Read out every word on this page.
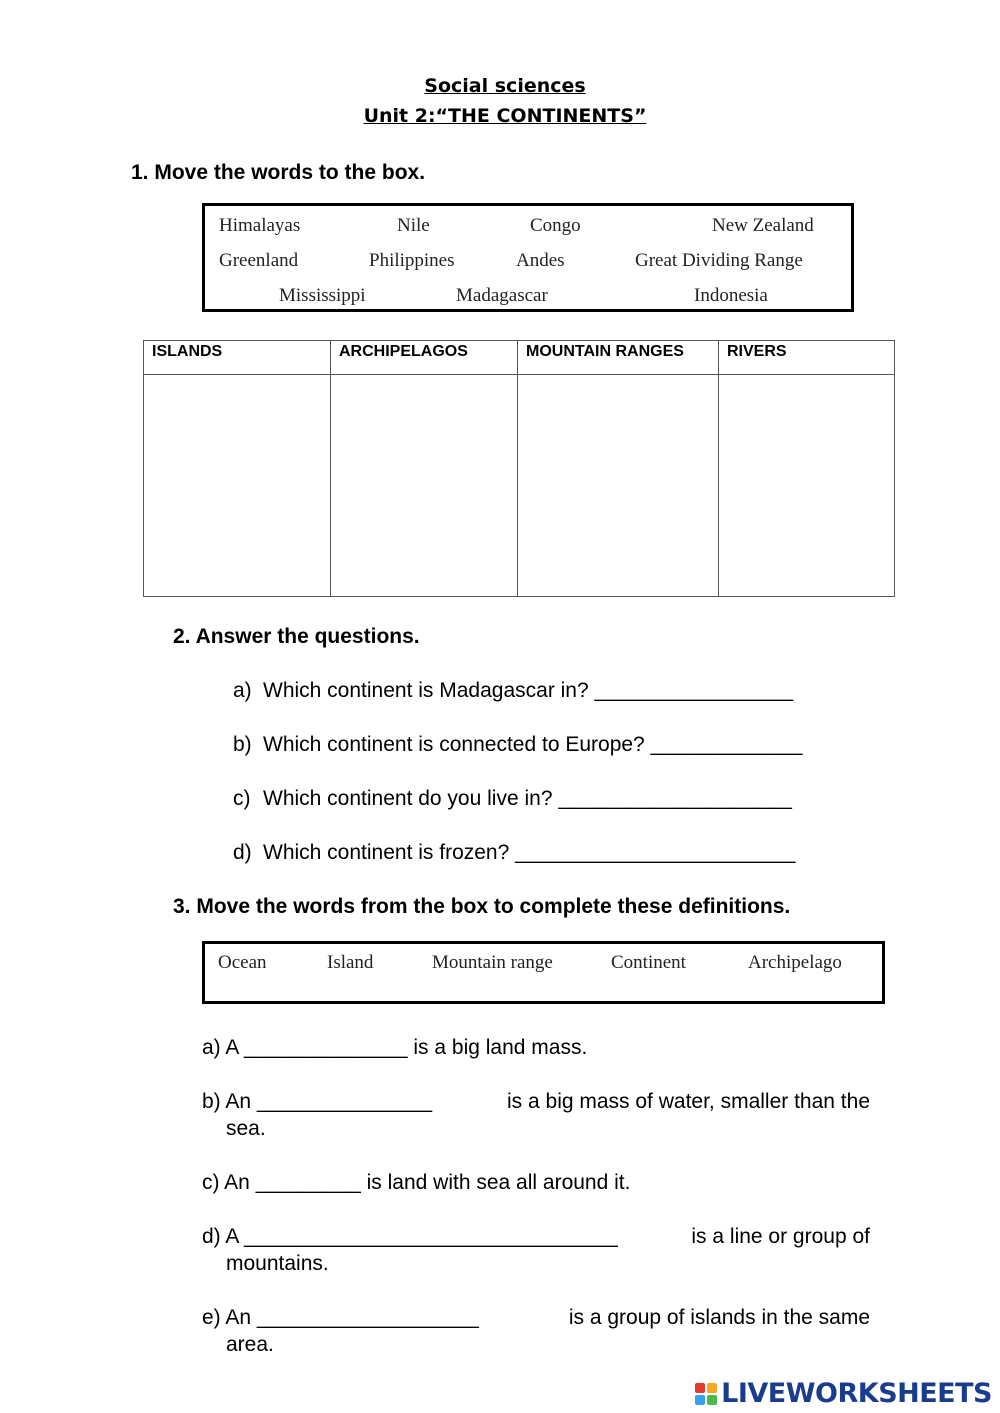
Social sciences
Unit 2:“THE CONTINENTS”
1. Move the words to the box.
Himalayas	Nile	Congo	New Zealand
Greenland	Philippines	Andes	Great Dividing Range
Mississippi	Madagascar	Indonesia
ISLANDS	ARCHIPELAGOS	MOUNTAIN RANGES	RIVERS

2. Answer the questions.
a) Which continent is Madagascar in? _________________
b) Which continent is connected to Europe? _____________
c) Which continent do you live in? ____________________
d) Which continent is frozen? ________________________
3. Move the words from the box to complete these definitions.
Ocean	Island	Mountain range	Continent	Archipelago
a) A ______________ is a big land mass.
b) An _______________	is a big mass of water, smaller than the
sea.
c) An _________ is land with sea all around it.
d) A ________________________________	is a line or group of
mountains.
e) An ___________________	is a group of islands in the same
area.
LIVEWORKSHEETS
